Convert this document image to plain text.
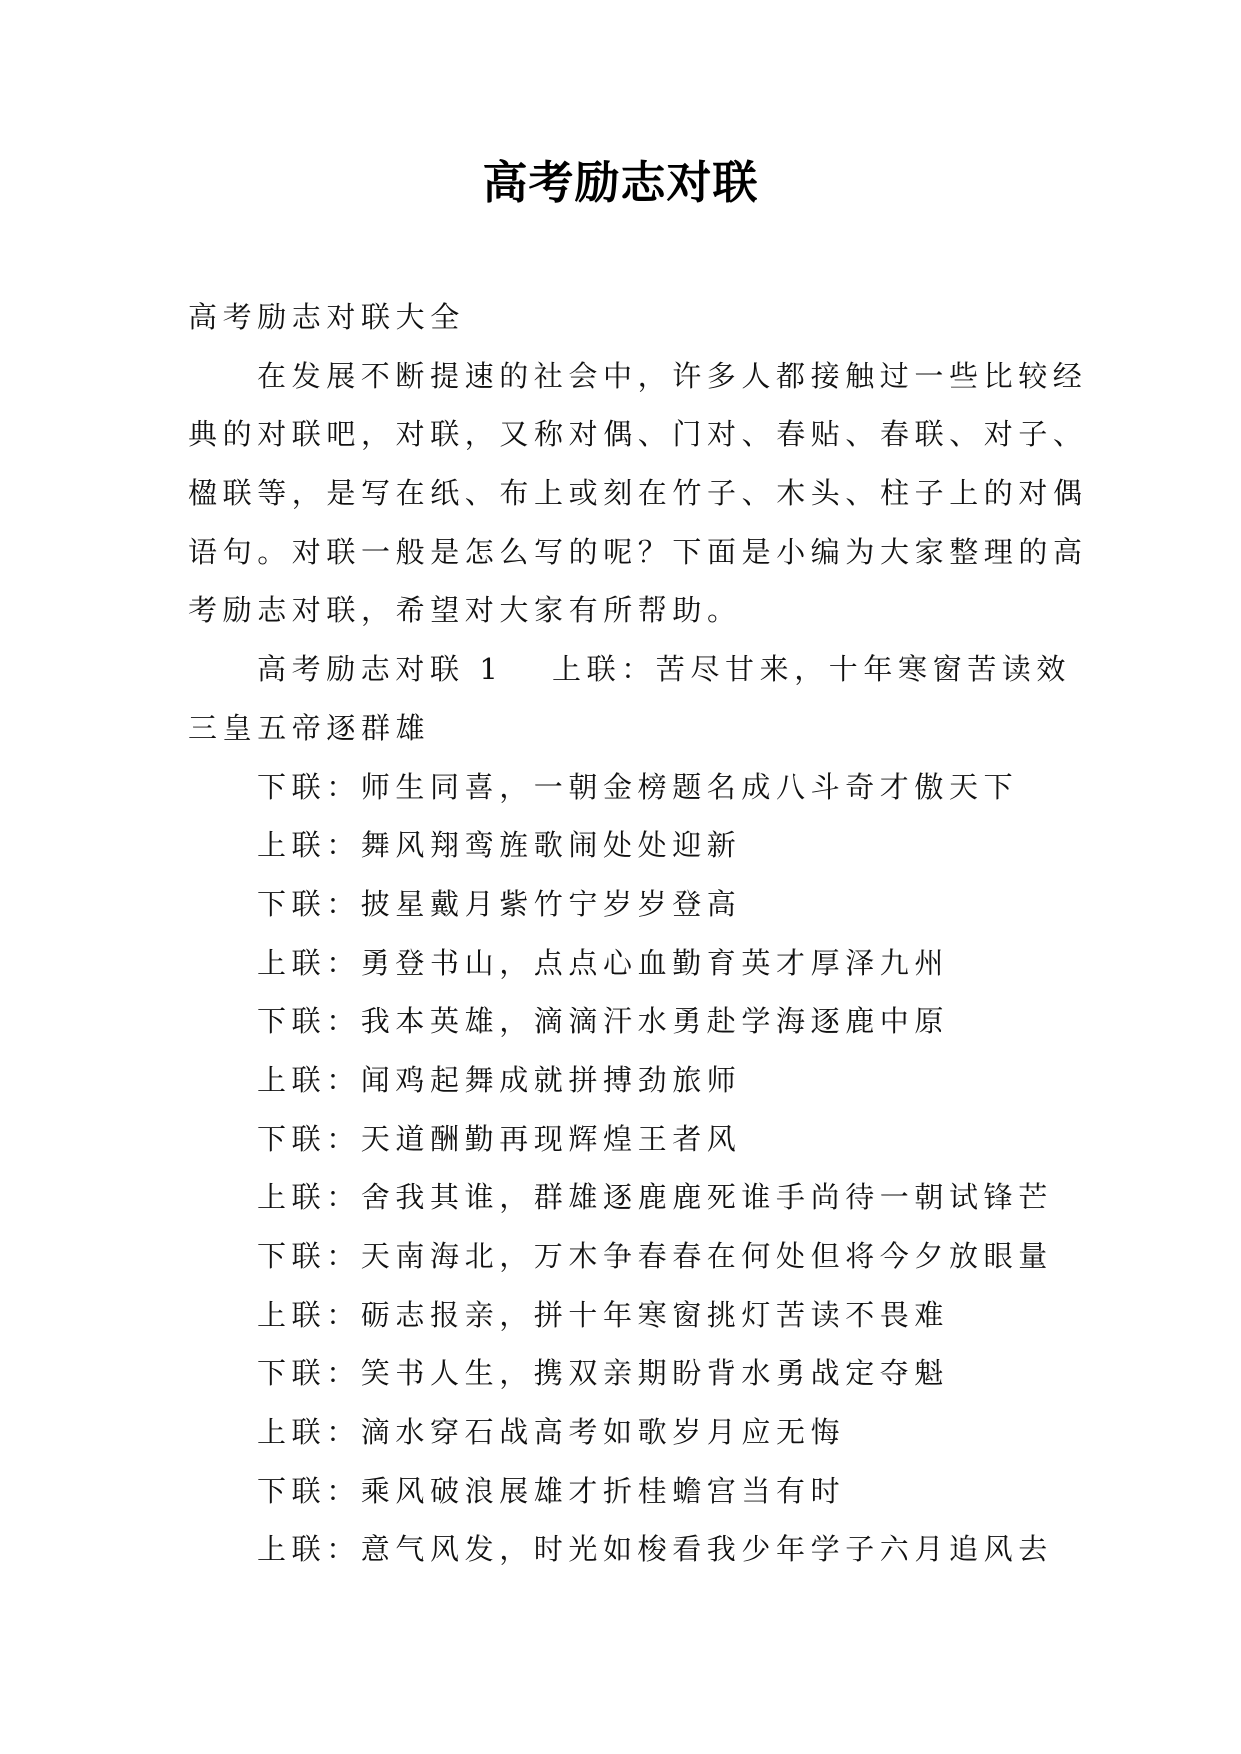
高考励志对联
高考励志对联大全
在发展不断提速的社会中，许多人都接触过一些比较经
典的对联吧，对联，又称对偶、门对、春贴、春联、对子、
楹联等，是写在纸、布上或刻在竹子、木头、柱子上的对偶
语句。对联一般是怎么写的呢？下面是小编为大家整理的高
考励志对联，希望对大家有所帮助。
高考励志对联 1 上联：苦尽甘来，十年寒窗苦读效
三皇五帝逐群雄
下联：师生同喜，一朝金榜题名成八斗奇才傲天下
上联：舞风翔鸾旌歌闹处处迎新
下联：披星戴月紫竹宁岁岁登高
上联：勇登书山，点点心血勤育英才厚泽九州
下联：我本英雄，滴滴汗水勇赴学海逐鹿中原
上联：闻鸡起舞成就拼搏劲旅师
下联：天道酬勤再现辉煌王者风
上联：舍我其谁，群雄逐鹿鹿死谁手尚待一朝试锋芒
下联：天南海北，万木争春春在何处但将今夕放眼量
上联：砺志报亲，拼十年寒窗挑灯苦读不畏难
下联：笑书人生，携双亲期盼背水勇战定夺魁
上联：滴水穿石战高考如歌岁月应无悔
下联：乘风破浪展雄才折桂蟾宫当有时
上联：意气风发，时光如梭看我少年学子六月追风去
